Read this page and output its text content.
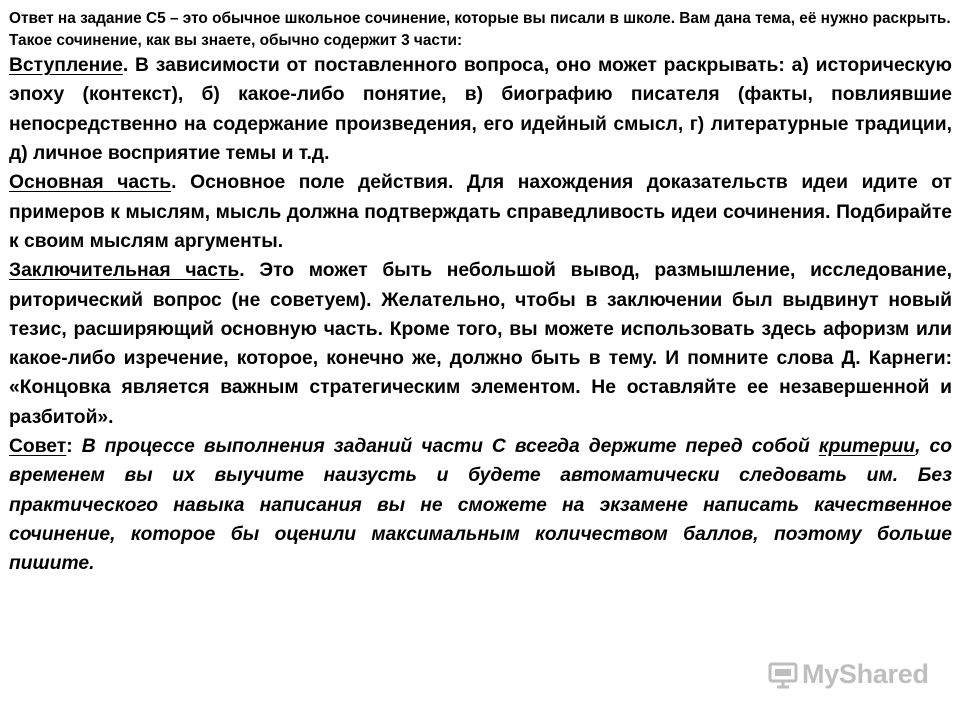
Ответ на задание С5 – это обычное школьное сочинение, которые вы писали в школе. Вам дана тема, её нужно раскрыть. Такое сочинение, как вы знаете, обычно содержит 3 части:

Вступление. В зависимости от поставленного вопроса, оно может раскрывать: а) историческую эпоху (контекст), б) какое-либо понятие, в) биографию писателя (факты, повлиявшие непосредственно на содержание произведения, его идейный смысл, г) литературные традиции, д) личное восприятие темы и т.д.

Основная часть. Основное поле действия. Для нахождения доказательств идеи идите от примеров к мыслям, мысль должна подтверждать справедливость идеи сочинения. Подбирайте к своим мыслям аргументы.

Заключительная часть. Это может быть небольшой вывод, размышление, исследование, риторический вопрос (не советуем). Желательно, чтобы в заключении был выдвинут новый тезис, расширяющий основную часть. Кроме того, вы можете использовать здесь афоризм или какое-либо изречение, которое, конечно же, должно быть в тему. И помните слова Д. Карнеги: «Концовка является важным стратегическим элементом. Не оставляйте ее незавершенной и разбитой».

Совет: В процессе выполнения заданий части С всегда держите перед собой критерии, со временем вы их выучите наизусть и будете автоматически следовать им. Без практического навыка написания вы не сможете на экзамене написать качественное сочинение, которое бы оценили максимальным количеством баллов, поэтому больше пишите.

MyShared
